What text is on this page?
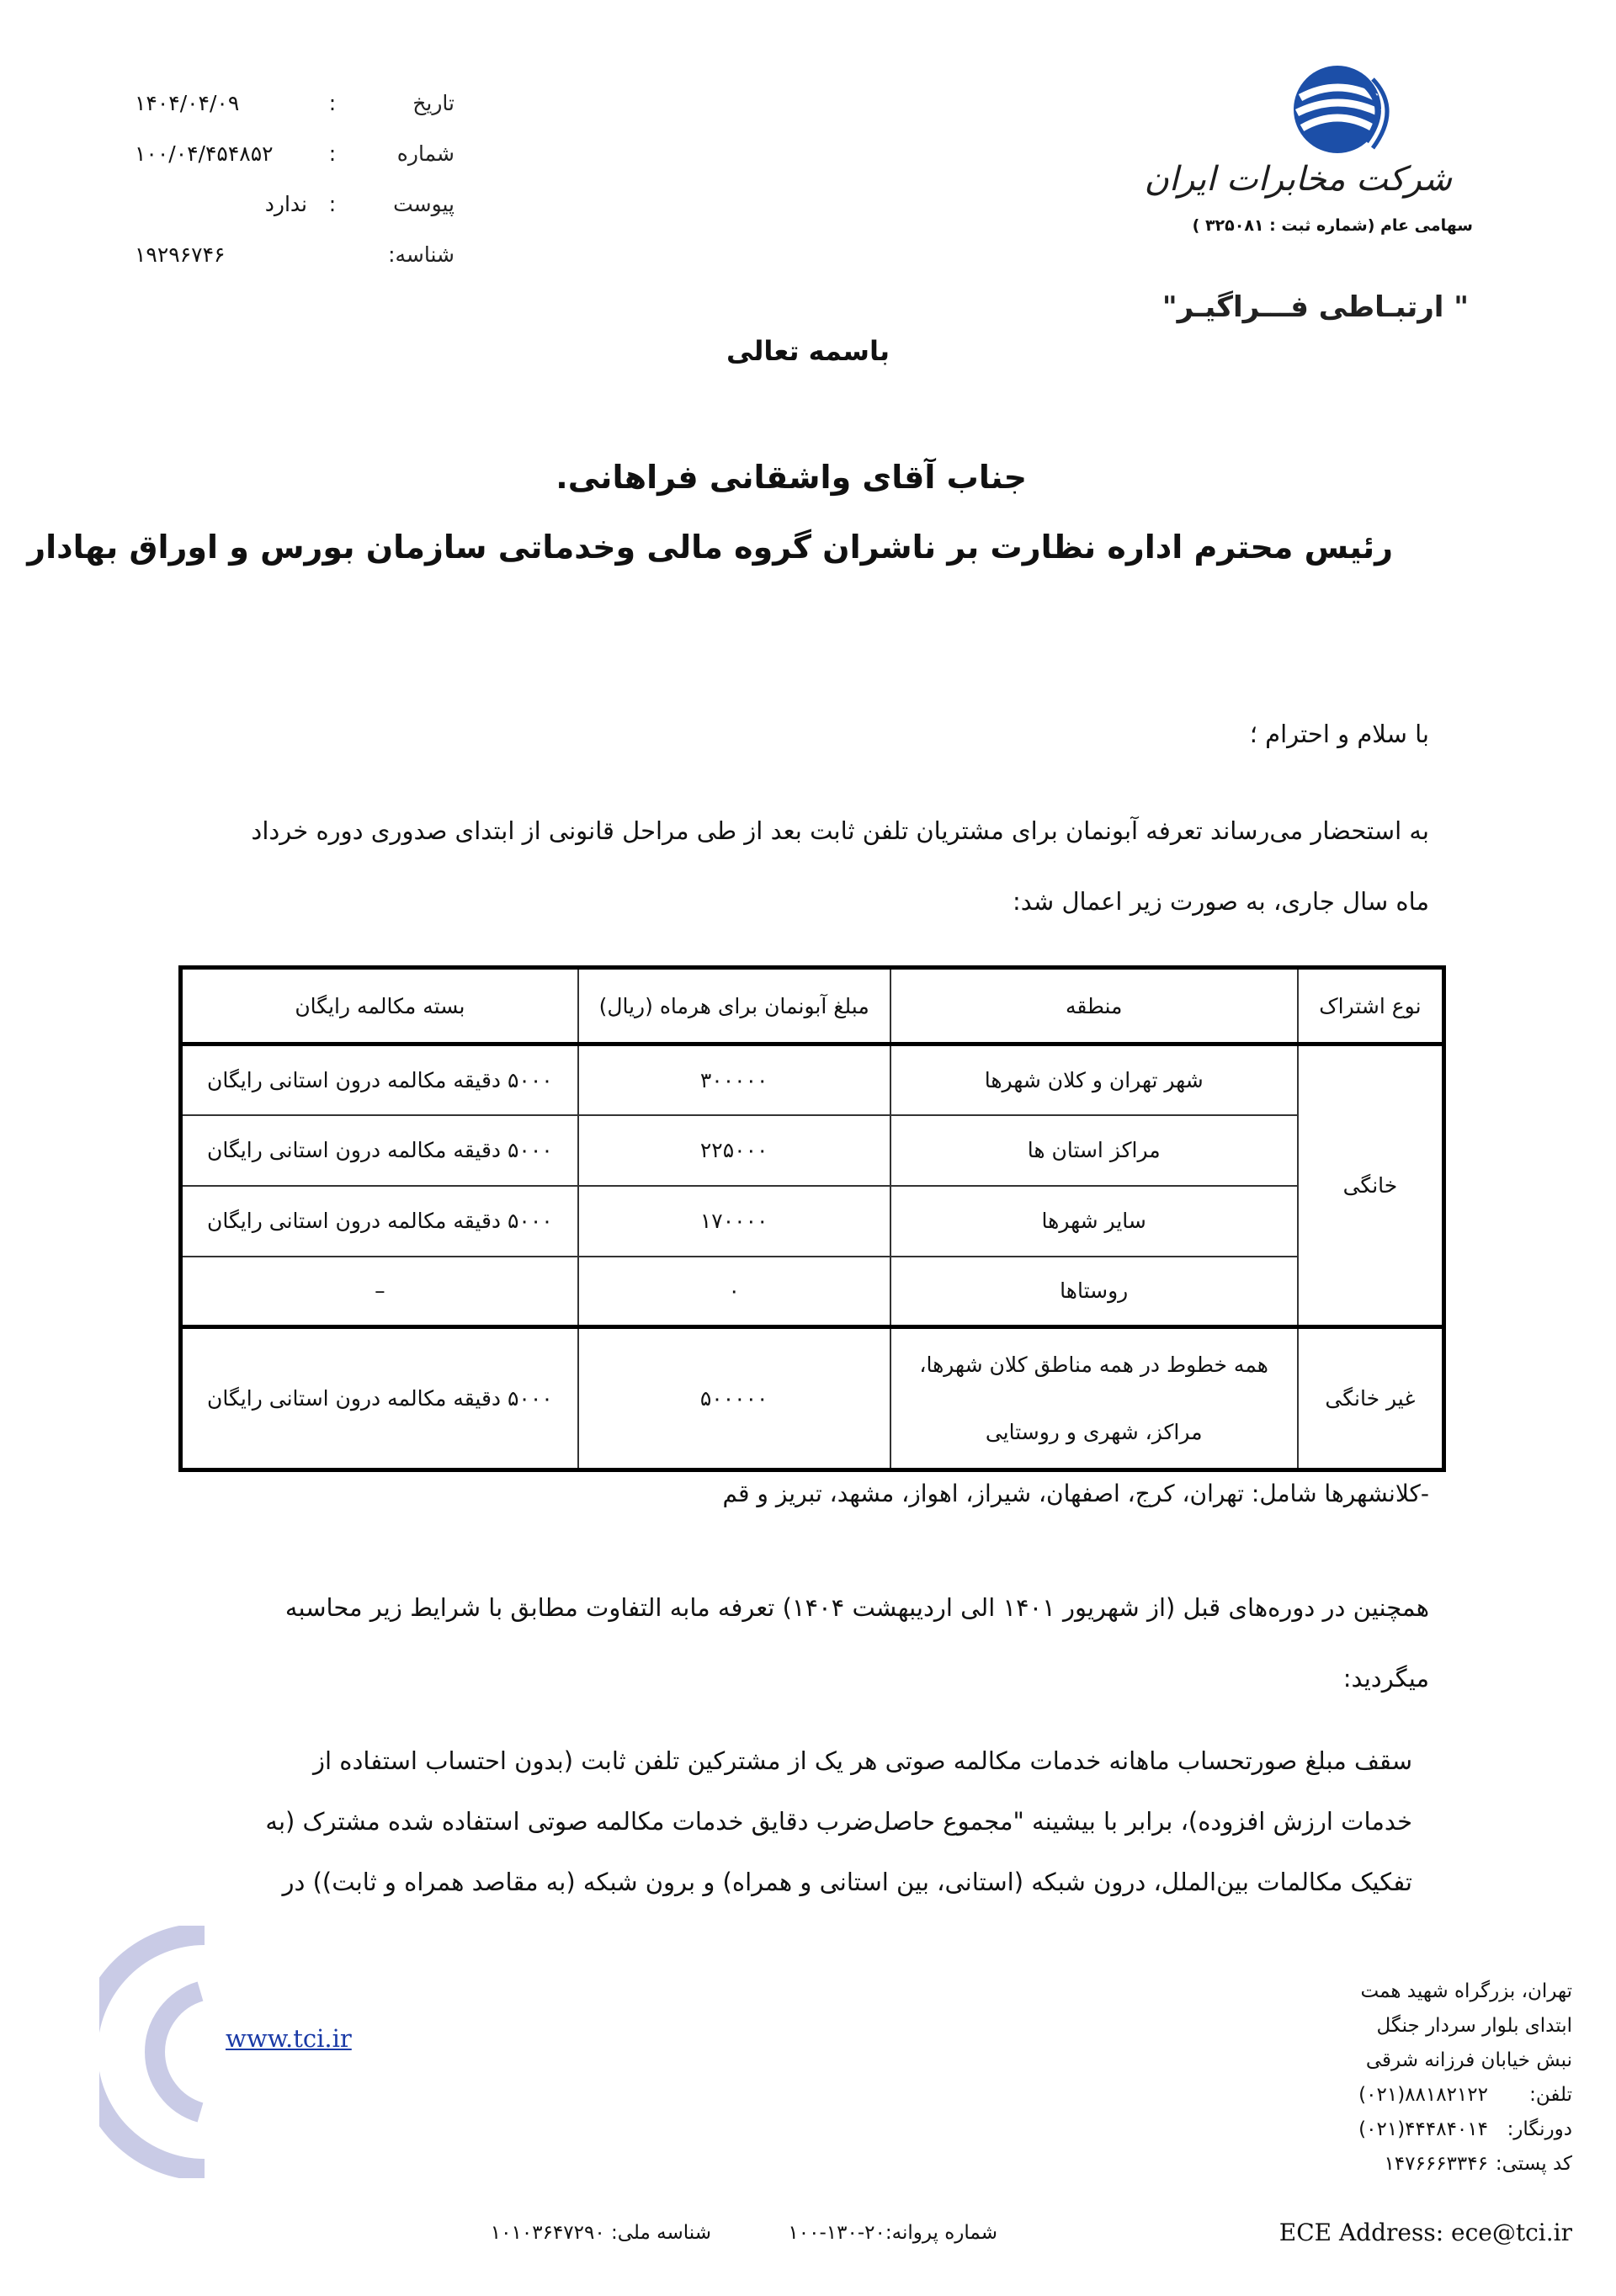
شرکت مخابرات ایران
سهامی عام (شماره ثبت : ۳۲۵۰۸۱ )
" ارتبـاطی فـــراگیـر"
تاریخ
:
۱۴۰۴/۰۴/۰۹
شماره
:
۱۰۰/۰۴/۴۵۴۸۵۲
پیوست
:
ندارد
شناسه:
۱۹۲۹۶۷۴۶
باسمه تعالی
جناب آقای واشقانی فراهانی.
رئیس محترم اداره نظارت بر ناشران گروه مالی وخدماتی سازمان بورس و اوراق بهادار
با سلام و احترام ؛

به استحضار می‌رساند تعرفه آبونمان برای مشتریان تلفن ثابت بعد از طی مراحل قانونی از ابتدای صدوری دوره خرداد

ماه سال جاری، به صورت زیر اعمال شد:

نوع اشتراک	منطقه	مبلغ آبونمان برای هرماه (ریال)	بسته مکالمه رایگان
خانگی	شهر تهران و کلان شهرها	۳۰۰۰۰۰	۵۰۰۰ دقیقه مکالمه درون استانی رایگان
	مراکز استان ها	۲۲۵۰۰۰	۵۰۰۰ دقیقه مکالمه درون استانی رایگان
	سایر شهرها	۱۷۰۰۰۰	۵۰۰۰ دقیقه مکالمه درون استانی رایگان
	روستاها	۰	–
غیر خانگی	همه خطوط در همه مناطق کلان شهرها،
مراکز، شهری و روستایی	۵۰۰۰۰۰	۵۰۰۰ دقیقه مکالمه درون استانی رایگان
-کلانشهرها شامل: تهران، کرج، اصفهان، شیراز، اهواز، مشهد، تبریز و قم

همچنین در دوره‌های قبل (از شهریور ۱۴۰۱ الی اردیبهشت ۱۴۰۴) تعرفه مابه التفاوت مطابق با شرایط زیر محاسبه

میگردید:

سقف مبلغ صورتحساب ماهانه خدمات مکالمه صوتی هر یک از مشترکین تلفن ثابت (بدون احتساب استفاده از

خدمات ارزش افزوده)، برابر با بیشینه "مجموع حاصل‌ضرب دقایق خدمات مکالمه صوتی استفاده شده مشترک (به

تفکیک مکالمات بین‌الملل، درون شبکه (استانی، بین استانی و همراه) و برون شبکه (به مقاصد همراه و ثابت)) در

www.tci.ir
تهران، بزرگراه شهید همت
ابتدای بلوار سردار جنگل
نبش خیابان فرزانه شرقی
تلفن:
(۰۲۱)۸۸۱۸۲۱۲۲
دورنگار:
(۰۲۱)۴۴۴۸۴۰۱۴
کد پستی:
۱۴۷۶۶۶۳۳۴۶
ECE Address: ece@tci.ir
شماره پروانه:۲۰-۱۳۰-۱۰۰
شناسه ملی: ۱۰۱۰۳۶۴۷۲۹۰
